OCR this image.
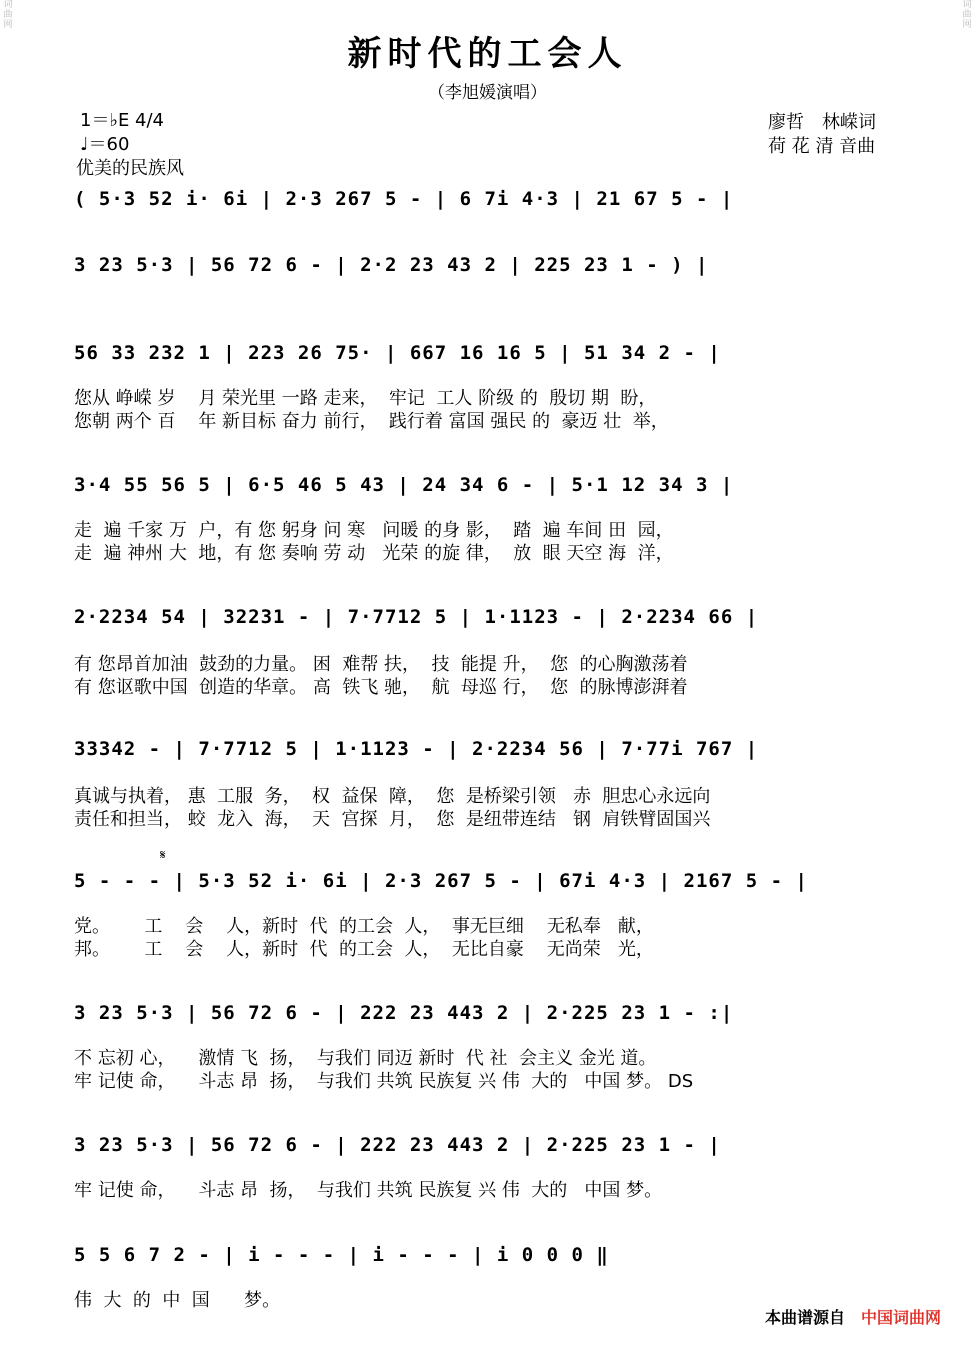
词
曲
网
词
曲
网
新时代的工会人
（李旭媛演唱）
1＝♭E 4/4
♩＝60
优美的民族风
廖哲　林嵘词
荷 花 清 音曲
( 5·3 52 i· 6i | 2·3 267 5 - | 6 7i 4·3 | 21 67 5 - |
3 23 5·3 | 56 72 6 - | 2·2 23 43 2 | 225 23 1 - ) |
56 33 232 1 | 223 26 75· | 667 16 16 5 | 51 34 2 - |
您从 峥嵘 岁    月 荣光里 一路 走来，  牢记  工人 阶级 的  殷切 期  盼，
您朝 两个 百    年 新目标 奋力 前行，  践行着 富国 强民 的  豪迈 壮  举，
3·4 55 56 5 | 6·5 46 5 43 | 24 34 6 - | 5·1 12 34 3 |
走  遍 千家 万  户，有 您 躬身 问 寒   问暖 的身 影，  踏  遍 车间 田  园，
走  遍 神州 大  地，有 您 奏响 劳 动   光荣 的旋 律，  放  眼 天空 海  洋，
2·2234 54 | 32231 - | 7·7712 5 | 1·1123 - | 2·2234 66 |
有 您昂首加油  鼓劲的力量。 困  难帮 扶，  技  能提 升，  您  的心胸激荡着
有 您讴歌中国  创造的华章。 高  铁飞 驰，  航  母巡 行，  您  的脉博澎湃着
33342 - | 7·7712 5 | 1·1123 - | 2·2234 56 | 7·77i 767 |
真诚与执着， 惠  工服  务，  权  益保  障，  您  是桥梁引领   赤  胆忠心永远向
责任和担当， 蛟  龙入  海，  天  宫探  月，  您  是纽带连结   钢  肩铁臂固国兴
𝄋
5 - - - | 5·3 52 i· 6i | 2·3 267 5 - | 67i 4·3 | 2167 5 - |
党。      工    会    人，新时  代  的工会  人，  事无巨细    无私奉   献，
邦。      工    会    人，新时  代  的工会  人，  无比自豪    无尚荣   光，
3 23 5·3 | 56 72 6 - | 222 23 443 2 | 2·225 23 1 - :|
不 忘初 心，    激情 飞  扬，  与我们 同迈 新时  代 社  会主义 金光 道。
牢 记使 命，    斗志 昂  扬，  与我们 共筑 民族复 兴 伟  大的   中国 梦。 DS
3 23 5·3 | 56 72 6 - | 222 23 443 2 | 2·225 23 1 - |
牢 记使 命，    斗志 昂  扬，  与我们 共筑 民族复 兴 伟  大的   中国 梦。
5 5 6 7 2 - | i - - - | i - - - | i 0 0 0 ‖
伟  大  的  中  国      梦。
本曲谱源自 中国词曲网
